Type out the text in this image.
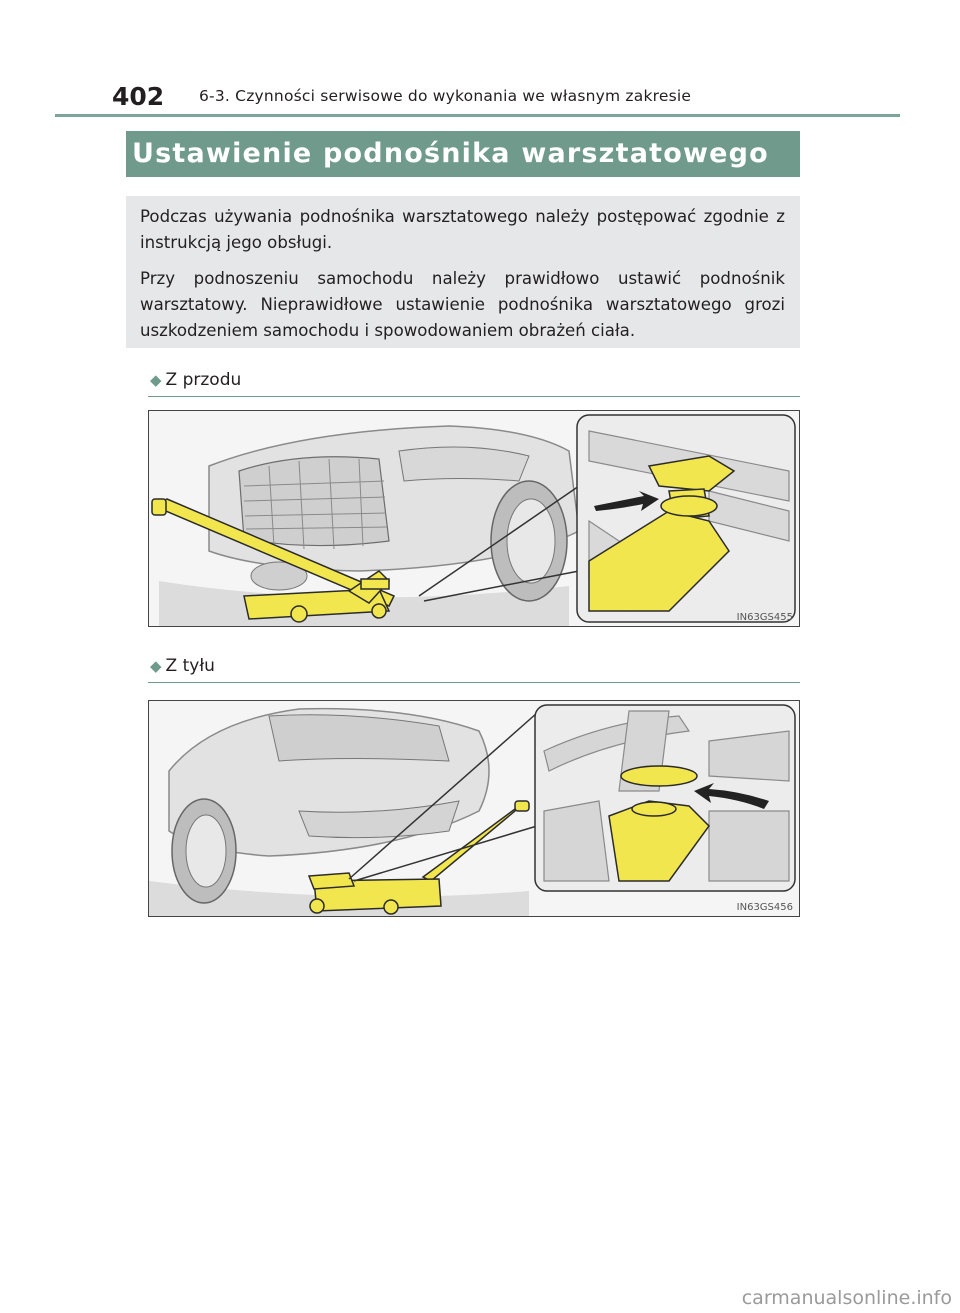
402 6-3. Czynności serwisowe do wykonania we własnym zakresie
Ustawienie podnośnika warsztatowego

Podczas używania podnośnika warsztatowego należy postępować zgodnie z instrukcją jego obsługi.

Przy podnoszeniu samochodu należy prawidłowo ustawić podnośnik warsztatowy. Nieprawidłowe ustawienie podnośnika warsztatowego grozi uszkodzeniem samochodu i spowodowaniem obrażeń ciała.

◆ Z przodu
IN63GS455
◆ Z tyłu
IN63GS456
carmanualsonline.info
